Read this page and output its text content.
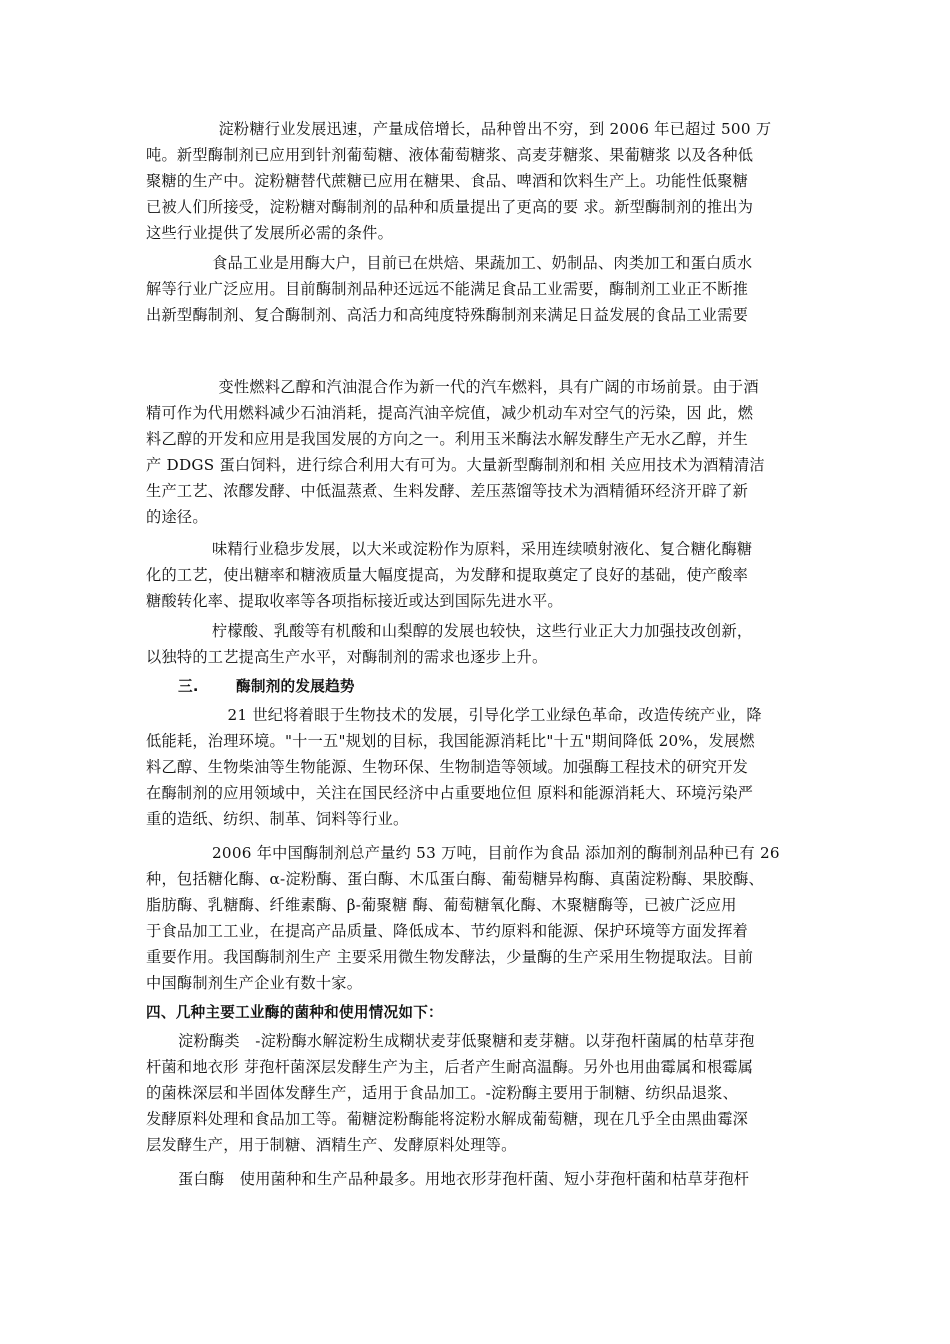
　淀粉糖行业发展迅速，产量成倍增长，品种曾出不穷，到 2006 年已超过 500 万
吨。新型酶制剂已应用到针剂葡萄糖、液体葡萄糖浆、高麦芽糖浆、果葡糖浆 以及各种低
聚糖的生产中。淀粉糖替代蔗糖已应用在糖果、食品、啤酒和饮料生产上。功能性低聚糖
已被人们所接受，淀粉糖对酶制剂的品种和质量提出了更高的要 求。新型酶制剂的推出为
这些行业提供了发展所必需的条件。
食品工业是用酶大户，目前已在烘焙、果蔬加工、奶制品、肉类加工和蛋白质水
解等行业广泛应用。目前酶制剂品种还远远不能满足食品工业需要，酶制剂工业正不断推
出新型酶制剂、复合酶制剂、高活力和高纯度特殊酶制剂来满足日益发展的食品工业需要
　变性燃料乙醇和汽油混合作为新一代的汽车燃料，具有广阔的市场前景。由于酒
精可作为代用燃料减少石油消耗，提高汽油辛烷值，减少机动车对空气的污染，因 此，燃
料乙醇的开发和应用是我国发展的方向之一。利用玉米酶法水解发酵生产无水乙醇，并生
产 DDGS 蛋白饲料，进行综合利用大有可为。大量新型酶制剂和相 关应用技术为酒精清洁
生产工艺、浓醪发酵、中低温蒸煮、生料发酵、差压蒸馏等技术为酒精循环经济开辟了新
的途径。
味精行业稳步发展，以大米或淀粉作为原料，采用连续喷射液化、复合糖化酶糖
化的工艺，使出糖率和糖液质量大幅度提高，为发酵和提取奠定了良好的基础，使产酸率
糖酸转化率、提取收率等各项指标接近或达到国际先进水平。
柠檬酸、乳酸等有机酸和山梨醇的发展也较快，这些行业正大力加强技改创新，
以独特的工艺提高生产水平，对酶制剂的需求也逐步上升。
三.	酶制剂的发展趋势
　21 世纪将着眼于生物技术的发展，引导化学工业绿色革命，改造传统产业，降
低能耗，治理环境。"十一五"规划的目标，我国能源消耗比"十五"期间降低 20%，发展燃
料乙醇、生物柴油等生物能源、生物环保、生物制造等领域。加强酶工程技术的研究开发
在酶制剂的应用领域中，关注在国民经济中占重要地位但 原料和能源消耗大、环境污染严
重的造纸、纺织、制革、饲料等行业。
2006 年中国酶制剂总产量约 53 万吨，目前作为食品 添加剂的酶制剂品种已有 26
种，包括糖化酶、α-淀粉酶、蛋白酶、木瓜蛋白酶、葡萄糖异构酶、真菌淀粉酶、果胶酶、
脂肪酶、乳糖酶、纤维素酶、β-葡聚糖 酶、葡萄糖氧化酶、木聚糖酶等，已被广泛应用
于食品加工工业，在提高产品质量、降低成本、节约原料和能源、保护环境等方面发挥着
重要作用。我国酶制剂生产 主要采用微生物发酵法，少量酶的生产采用生物提取法。目前
中国酶制剂生产企业有数十家。
四、几种主要工业酶的菌种和使用情况如下：
淀粉酶类　-淀粉酶水解淀粉生成糊状麦芽低聚糖和麦芽糖。以芽孢杆菌属的枯草芽孢
杆菌和地衣形 芽孢杆菌深层发酵生产为主，后者产生耐高温酶。另外也用曲霉属和根霉属
的菌株深层和半固体发酵生产，适用于食品加工。-淀粉酶主要用于制糖、纺织品退浆、
发酵原料处理和食品加工等。葡糖淀粉酶能将淀粉水解成葡萄糖，现在几乎全由黑曲霉深
层发酵生产，用于制糖、酒精生产、发酵原料处理等。
蛋白酶　使用菌种和生产品种最多。用地衣形芽孢杆菌、短小芽孢杆菌和枯草芽孢杆
